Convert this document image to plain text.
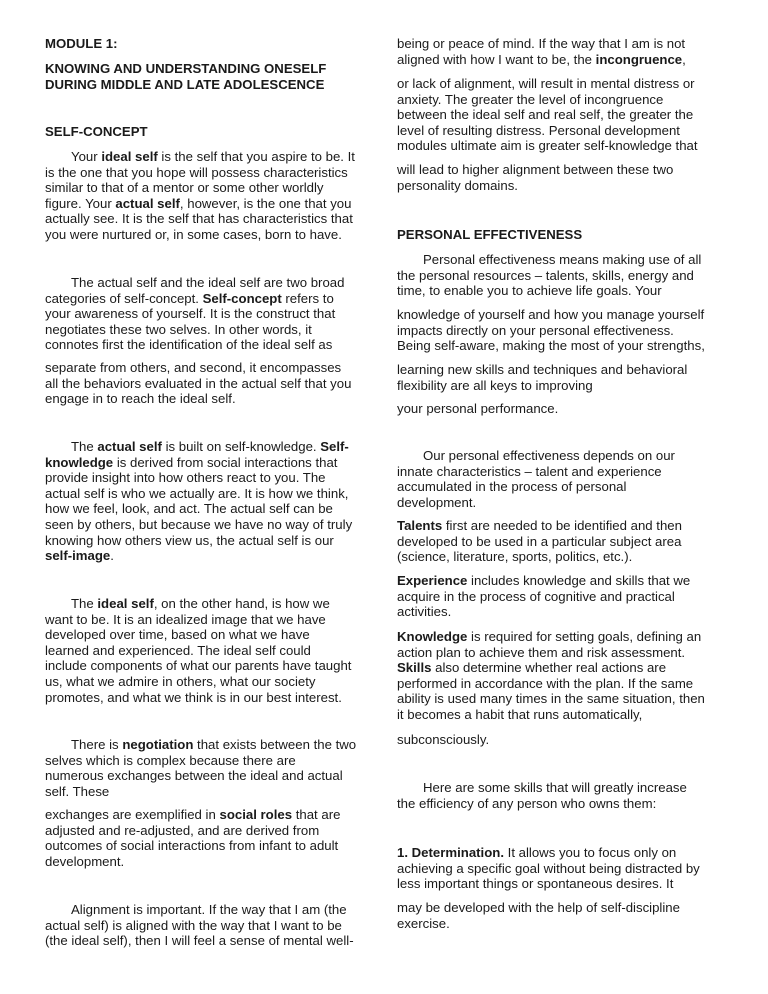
MODULE 1:
KNOWING AND UNDERSTANDING ONESELF
DURING MIDDLE AND LATE ADOLESCENCE
SELF-CONCEPT
Your ideal self is the self that you aspire to be. It
is the one that you hope will possess characteristics
similar to that of a mentor or some other worldly
figure. Your actual self, however, is the one that you
actually see. It is the self that has characteristics that
you were nurtured or, in some cases, born to have.
The actual self and the ideal self are two broad
categories of self-concept. Self-concept refers to
your awareness of yourself. It is the construct that
negotiates these two selves. In other words, it
connotes first the identification of the ideal self as
separate from others, and second, it encompasses
all the behaviors evaluated in the actual self that you
engage in to reach the ideal self.
The actual self is built on self-knowledge. Self-
knowledge is derived from social interactions that
provide insight into how others react to you. The
actual self is who we actually are. It is how we think,
how we feel, look, and act. The actual self can be
seen by others, but because we have no way of truly
knowing how others view us, the actual self is our
self-image.
The ideal self, on the other hand, is how we
want to be. It is an idealized image that we have
developed over time, based on what we have
learned and experienced. The ideal self could
include components of what our parents have taught
us, what we admire in others, what our society
promotes, and what we think is in our best interest.
There is negotiation that exists between the two
selves which is complex because there are
numerous exchanges between the ideal and actual
self. These
exchanges are exemplified in social roles that are
adjusted and re-adjusted, and are derived from
outcomes of social interactions from infant to adult
development.
Alignment is important. If the way that I am (the
actual self) is aligned with the way that I want to be
(the ideal self), then I will feel a sense of mental well-
being or peace of mind. If the way that I am is not
aligned with how I want to be, the incongruence,
or lack of alignment, will result in mental distress or
anxiety. The greater the level of incongruence
between the ideal self and real self, the greater the
level of resulting distress. Personal development
modules ultimate aim is greater self-knowledge that
will lead to higher alignment between these two
personality domains.
PERSONAL EFFECTIVENESS
Personal effectiveness means making use of all
the personal resources – talents, skills, energy and
time, to enable you to achieve life goals. Your
knowledge of yourself and how you manage yourself
impacts directly on your personal effectiveness.
Being self-aware, making the most of your strengths,
learning new skills and techniques and behavioral
flexibility are all keys to improving
your personal performance.
Our personal effectiveness depends on our
innate characteristics – talent and experience
accumulated in the process of personal
development.
Talents first are needed to be identified and then
developed to be used in a particular subject area
(science, literature, sports, politics, etc.).
Experience includes knowledge and skills that we
acquire in the process of cognitive and practical
activities.
Knowledge is required for setting goals, defining an
action plan to achieve them and risk assessment.
Skills also determine whether real actions are
performed in accordance with the plan. If the same
ability is used many times in the same situation, then
it becomes a habit that runs automatically,
subconsciously.
Here are some skills that will greatly increase
the efficiency of any person who owns them:
1. Determination. It allows you to focus only on
achieving a specific goal without being distracted by
less important things or spontaneous desires. It
may be developed with the help of self-discipline
exercise.
